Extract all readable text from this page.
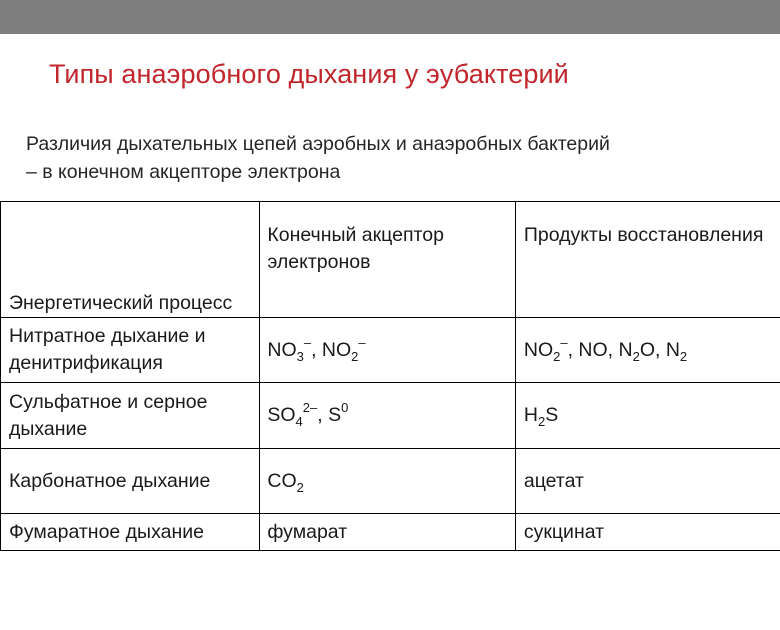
Типы анаэробного дыхания у эубактерий
Различия дыхательных цепей аэробных и анаэробных бактерий
– в конечном акцепторе электрона
Энергетический процесс	Конечный акцептор электронов	Продукты восстановления
Нитратное дыхание и денитрификация	$NO_3^-$, $NO_2^-$	$NO_2^-$, NO, $N_2O$, $N_2$
Сульфатное и серное дыхание	$SO_4^{2-}$, $S^0$	$H_2S$
Карбонатное дыхание	$CO_2$	ацетат
Фумаратное дыхание	фумарат	сукцинат
